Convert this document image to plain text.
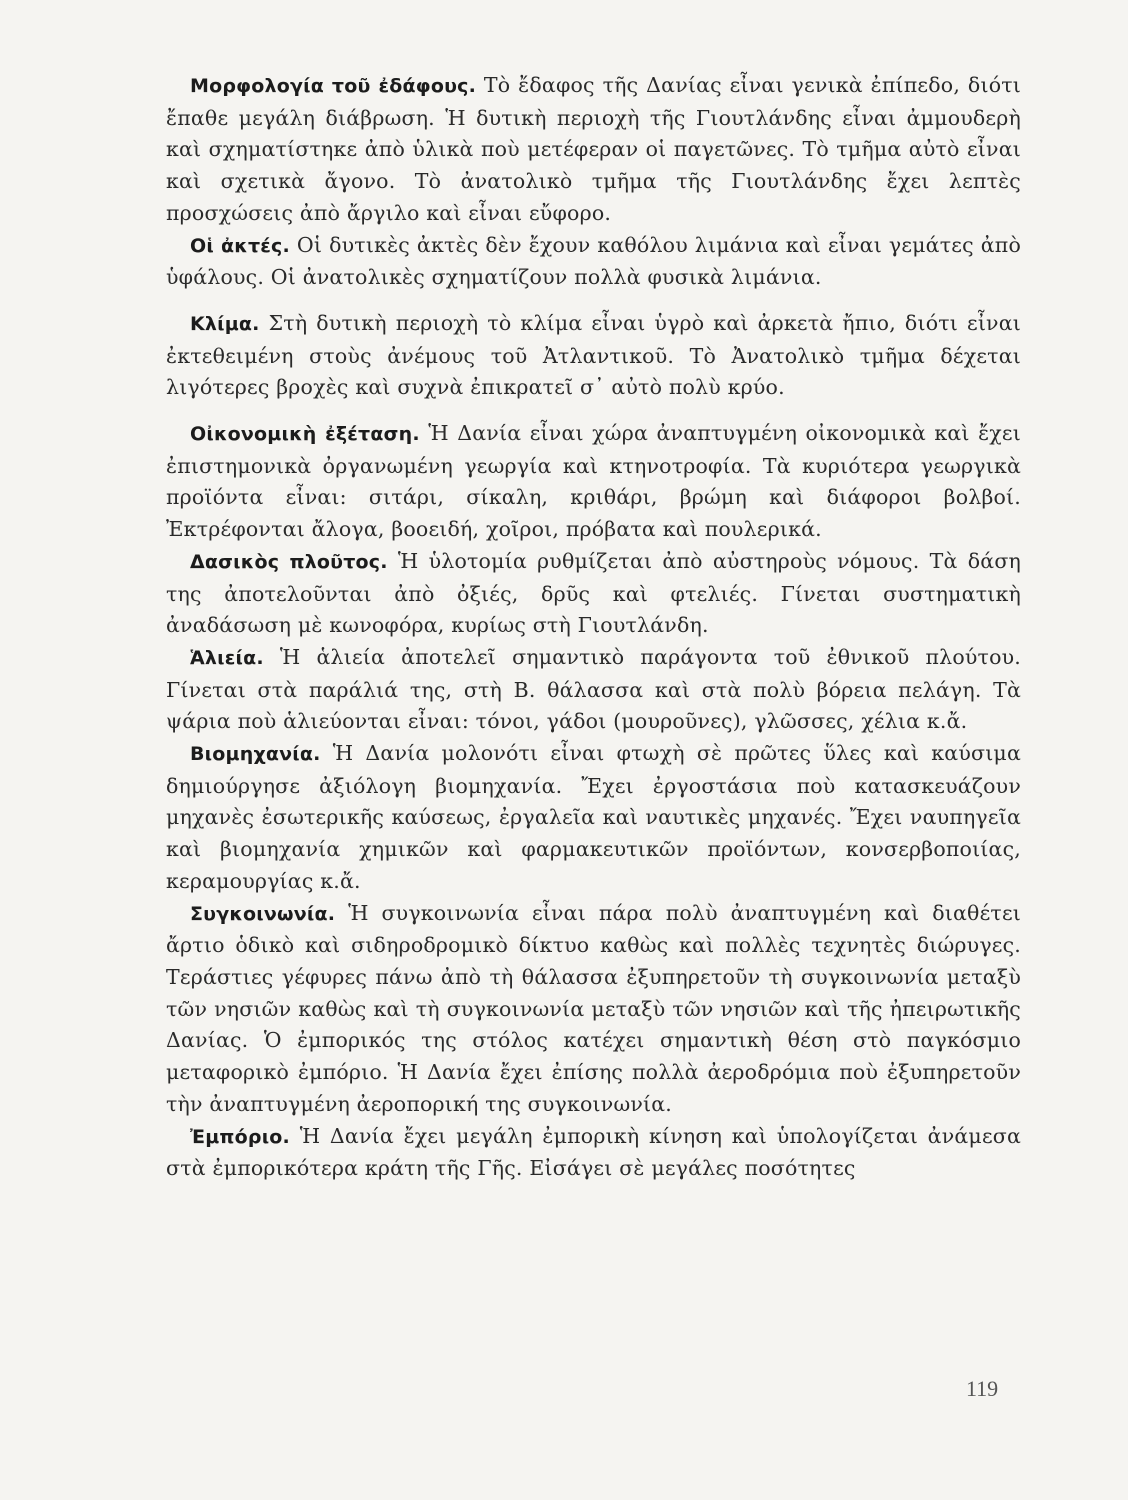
Μορφολογία τοῦ ἐδάφους. Τὸ ἔδαφος τῆς Δανίας εἶναι γενικὰ ἐπίπεδο, διότι ἔπαθε μεγάλη διάβρωση. Ἡ δυτικὴ περιοχὴ τῆς Γιουτλάνδης εἶναι ἀμμουδερὴ καὶ σχηματίστηκε ἀπὸ ὑλικὰ ποὺ μετέφεραν οἱ παγετῶνες. Τὸ τμῆμα αὐτὸ εἶναι καὶ σχετικὰ ἄγονο. Τὸ ἀνατολικὸ τμῆμα τῆς Γιουτλάνδης ἔχει λεπτὲς προσχώσεις ἀπὸ ἄργιλο καὶ εἶναι εὔφορο.

Οἱ ἀκτές. Οἱ δυτικὲς ἀκτὲς δὲν ἔχουν καθόλου λιμάνια καὶ εἶναι γεμάτες ἀπὸ ὑφάλους. Οἱ ἀνατολικὲς σχηματίζουν πολλὰ φυσικὰ λιμάνια.

Κλίμα. Στὴ δυτικὴ περιοχὴ τὸ κλίμα εἶναι ὑγρὸ καὶ ἀρκετὰ ἤπιο, διότι εἶναι ἐκτεθειμένη στοὺς ἀνέμους τοῦ Ἀτλαντικοῦ. Τὸ Ἀνατολικὸ τμῆμα δέχεται λιγότερες βροχὲς καὶ συχνὰ ἐπικρατεῖ σ᾿ αὐτὸ πολὺ κρύο.

Οἰκονομικὴ ἐξέταση. Ἡ Δανία εἶναι χώρα ἀναπτυγμένη οἰκονομικὰ καὶ ἔχει ἐπιστημονικὰ ὀργανωμένη γεωργία καὶ κτηνοτροφία. Τὰ κυριότερα γεωργικὰ προϊόντα εἶναι: σιτάρι, σίκαλη, κριθάρι, βρώμη καὶ διάφοροι βολβοί. Ἐκτρέφονται ἄλογα, βοοειδή, χοῖροι, πρόβατα καὶ πουλερικά.

Δασικὸς πλοῦτος. Ἡ ὑλοτομία ρυθμίζεται ἀπὸ αὐστηροὺς νόμους. Τὰ δάση της ἀποτελοῦνται ἀπὸ ὀξιές, δρῦς καὶ φτελιές. Γίνεται συστηματικὴ ἀναδάσωση μὲ κωνοφόρα, κυρίως στὴ Γιουτλάνδη.

Ἁλιεία. Ἡ ἁλιεία ἀποτελεῖ σημαντικὸ παράγοντα τοῦ ἐθνικοῦ πλούτου. Γίνεται στὰ παράλιά της, στὴ Β. θάλασσα καὶ στὰ πολὺ βόρεια πελάγη. Τὰ ψάρια ποὺ ἁλιεύονται εἶναι: τόνοι, γάδοι (μουροῦνες), γλῶσσες, χέλια κ.ἄ.

Βιομηχανία. Ἡ Δανία μολονότι εἶναι φτωχὴ σὲ πρῶτες ὕλες καὶ καύσιμα δημιούργησε ἀξιόλογη βιομηχανία. Ἔχει ἐργοστάσια ποὺ κατασκευάζουν μηχανὲς ἐσωτερικῆς καύσεως, ἐργαλεῖα καὶ ναυτικὲς μηχανές. Ἔχει ναυπηγεῖα καὶ βιομηχανία χημικῶν καὶ φαρμακευτικῶν προϊόντων, κονσερβοποιίας, κεραμουργίας κ.ἄ.

Συγκοινωνία. Ἡ συγκοινωνία εἶναι πάρα πολὺ ἀναπτυγμένη καὶ διαθέτει ἄρτιο ὁδικὸ καὶ σιδηροδρομικὸ δίκτυο καθὼς καὶ πολλὲς τεχνητὲς διώρυγες. Τεράστιες γέφυρες πάνω ἀπὸ τὴ θάλασσα ἐξυπηρετοῦν τὴ συγκοινωνία μεταξὺ τῶν νησιῶν καθὼς καὶ τὴ συγκοινωνία μεταξὺ τῶν νησιῶν καὶ τῆς ἠπειρωτικῆς Δανίας. Ὁ ἐμπορικός της στόλος κατέχει σημαντικὴ θέση στὸ παγκόσμιο μεταφορικὸ ἐμπόριο. Ἡ Δανία ἔχει ἐπίσης πολλὰ ἀεροδρόμια ποὺ ἐξυπηρετοῦν τὴν ἀναπτυγμένη ἀεροπορική της συγκοινωνία.

Ἐμπόριο. Ἡ Δανία ἔχει μεγάλη ἐμπορικὴ κίνηση καὶ ὑπολογίζεται ἀνάμεσα στὰ ἐμπορικότερα κράτη τῆς Γῆς. Εἰσάγει σὲ μεγάλες ποσότητες

119
